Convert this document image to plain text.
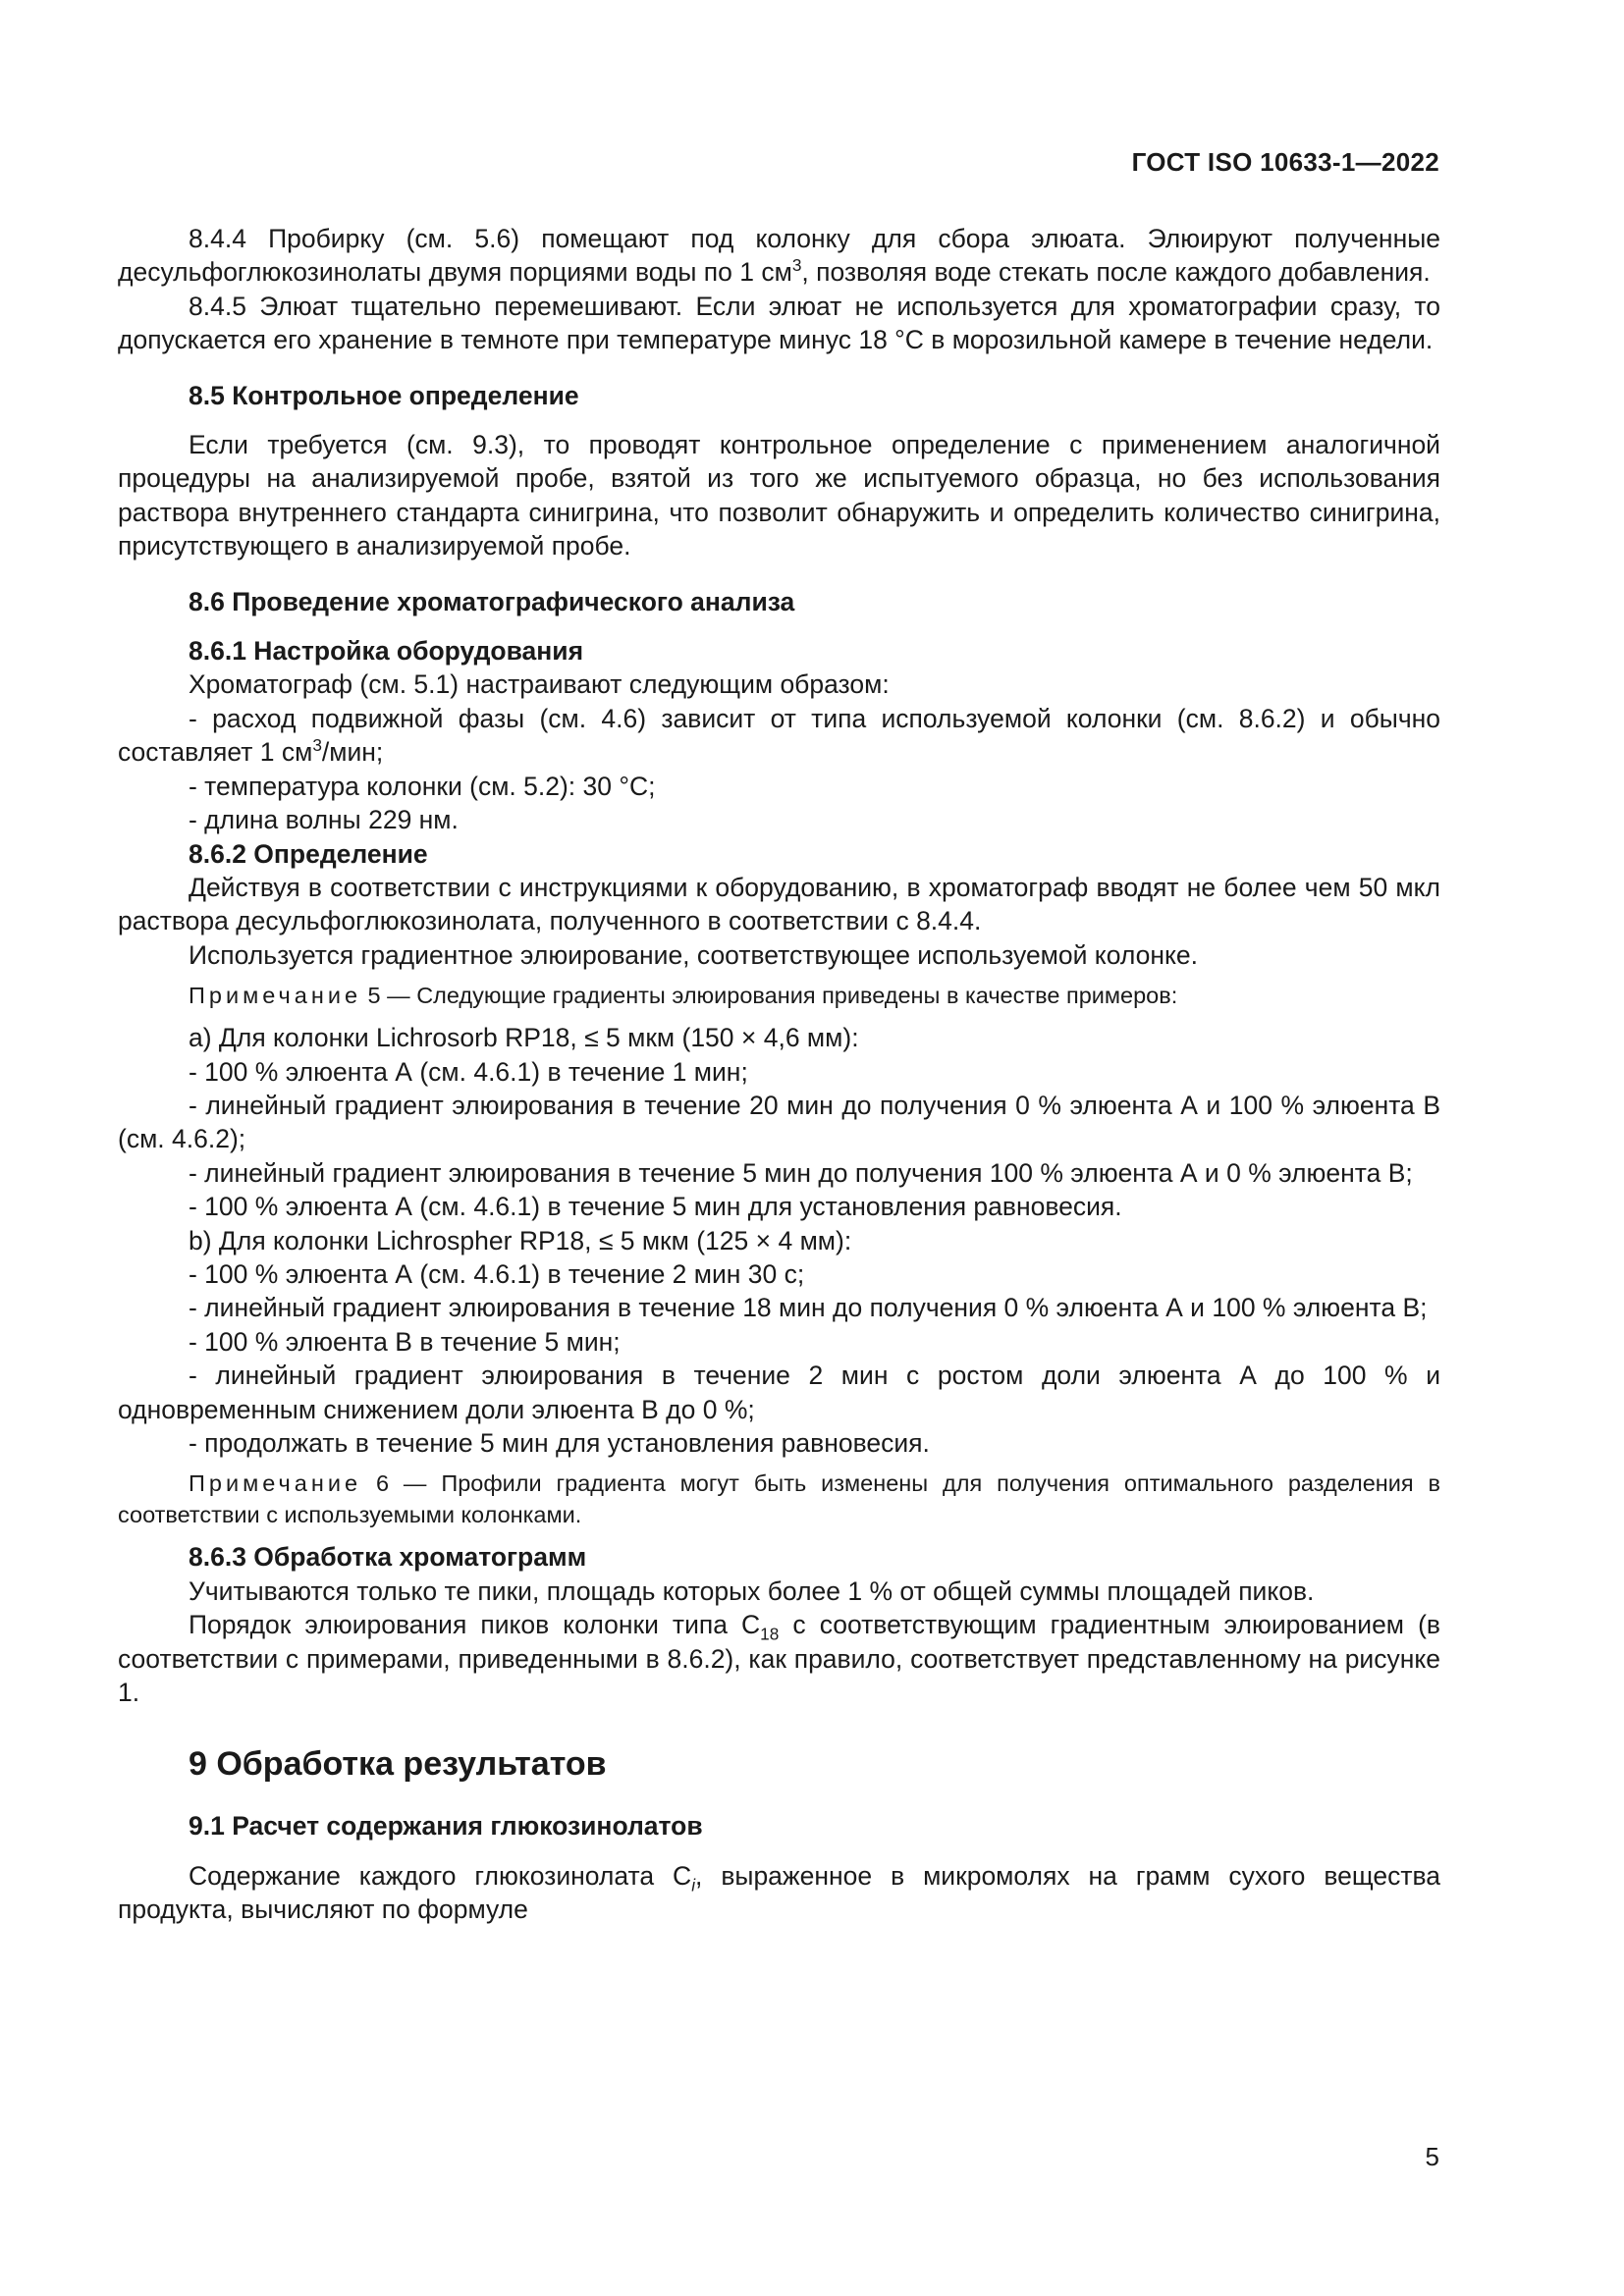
ГОСТ ISO 10633-1—2022

8.4.4 Пробирку (см. 5.6) помещают под колонку для сбора элюата. Элюируют полученные десульфоглюкозинолаты двумя порциями воды по 1 $см^3$, позволяя воде стекать после каждого добавления.

8.4.5 Элюат тщательно перемешивают. Если элюат не используется для хроматографии сразу, то допускается его хранение в темноте при температуре минус 18 °С в морозильной камере в течение недели.

8.5 Контрольное определение

Если требуется (см. 9.3), то проводят контрольное определение с применением аналогичной процедуры на анализируемой пробе, взятой из того же испытуемого образца, но без использования раствора внутреннего стандарта синигрина, что позволит обнаружить и определить количество синигрина, присутствующего в анализируемой пробе.

8.6 Проведение хроматографического анализа

8.6.1 Настройка оборудования

Хроматограф (см. 5.1) настраивают следующим образом:

- расход подвижной фазы (см. 4.6) зависит от типа используемой колонки (см. 8.6.2) и обычно составляет 1 $см^3$/мин;

- температура колонки (см. 5.2): 30 °С;

- длина волны 229 нм.

8.6.2 Определение

Действуя в соответствии с инструкциями к оборудованию, в хроматограф вводят не более чем 50 мкл раствора десульфоглюкозинолата, полученного в соответствии с 8.4.4.

Используется градиентное элюирование, соответствующее используемой колонке.

Примечание 5 — Следующие градиенты элюирования приведены в качестве примеров:

a) Для колонки Lichrosorb RP18, ≤ 5 мкм (150 × 4,6 мм):

- 100 % элюента А (см. 4.6.1) в течение 1 мин;

- линейный градиент элюирования в течение 20 мин до получения 0 % элюента А и 100 % элюента В (см. 4.6.2);

- линейный градиент элюирования в течение 5 мин до получения 100 % элюента А и 0 % элюента В;

- 100 % элюента А (см. 4.6.1) в течение 5 мин для установления равновесия.

b) Для колонки Lichrospher RP18, ≤ 5 мкм (125 × 4 мм):

- 100 % элюента А (см. 4.6.1) в течение 2 мин 30 с;

- линейный градиент элюирования в течение 18 мин до получения 0 % элюента А и 100 % элюента В;

- 100 % элюента В в течение 5 мин;

- линейный градиент элюирования в течение 2 мин с ростом доли элюента А до 100 % и одновременным снижением доли элюента В до 0 %;

- продолжать в течение 5 мин для установления равновесия.

Примечание 6 — Профили градиента могут быть изменены для получения оптимального разделения в соответствии с используемыми колонками.

8.6.3 Обработка хроматограмм

Учитываются только те пики, площадь которых более 1 % от общей суммы площадей пиков.

Порядок элюирования пиков колонки типа $С_{18}$ с соответствующим градиентным элюированием (в соответствии с примерами, приведенными в 8.6.2), как правило, соответствует представленному на рисунке 1.

9 Обработка результатов

9.1 Расчет содержания глюкозинолатов

Содержание каждого глюкозинолата $С_i$, выраженное в микромолях на грамм сухого вещества продукта, вычисляют по формуле

5
